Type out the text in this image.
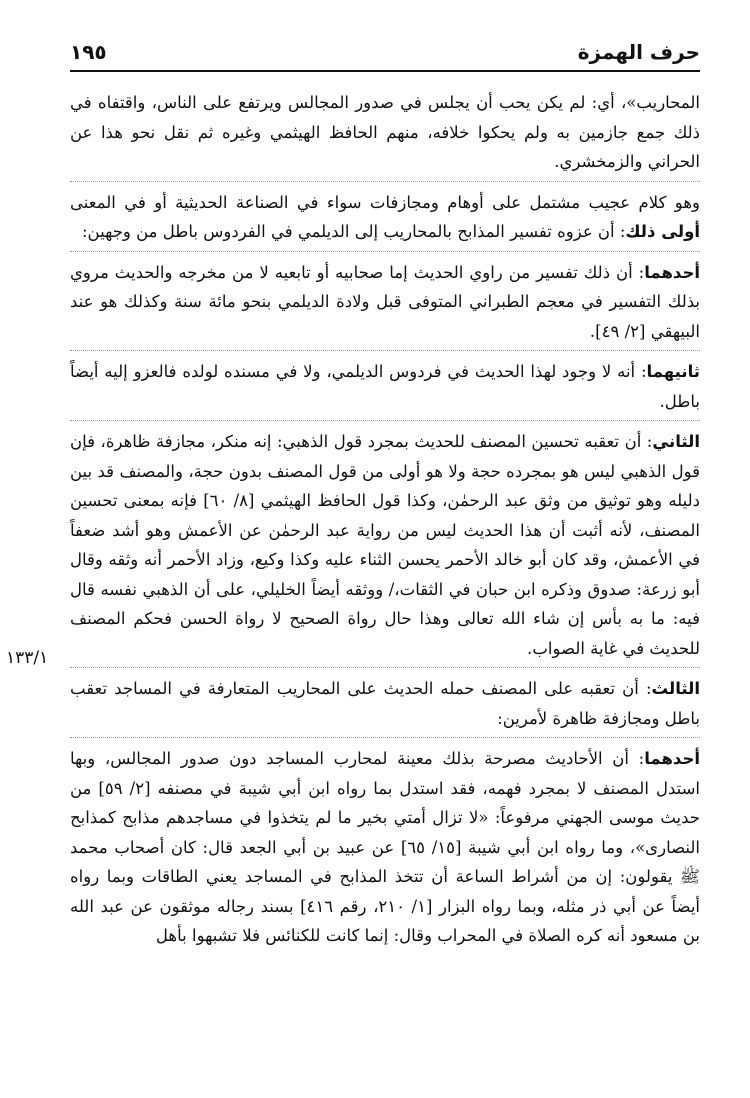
حرف الهمزة
١٩٥
١٣٣/١

المحاريب»، أي: لم يكن يحب أن يجلس في صدور المجالس ويرتفع على الناس، واقتفاه في ذلك جمع جازمين به ولم يحكوا خلافه، منهم الحافظ الهيثمي وغيره ثم نقل نحو هذا عن الحراني والزمخشري.

وهو كلام عجيب مشتمل على أوهام ومجازفات سواء في الصناعة الحديثية أو في المعنى أولى ذلك: أن عزوه تفسير المذابح بالمحاريب إلى الديلمي في الفردوس باطل من وجهين:

أحدهما: أن ذلك تفسير من راوي الحديث إما صحابيه أو تابعيه لا من مخرجه والحديث مروي بذلك التفسير في معجم الطبراني المتوفى قبل ولادة الديلمي بنحو مائة سنة وكذلك هو عند البيهقي [٢/ ٤٩].

ثانيهما: أنه لا وجود لهذا الحديث في فردوس الديلمي، ولا في مسنده لولده فالعزو إليه أيضاً باطل.

الثاني: أن تعقبه تحسين المصنف للحديث بمجرد قول الذهبي: إنه منكر، مجازفة ظاهرة، فإن قول الذهبي ليس هو بمجرده حجة ولا هو أولى من قول المصنف بدون حجة، والمصنف قد بين دليله وهو توثيق من وثق عبد الرحمٰن، وكذا قول الحافظ الهيثمي [٨/ ٦٠] فإنه بمعنى تحسين المصنف، لأنه أثبت أن هذا الحديث ليس من رواية عبد الرحمٰن عن الأعمش وهو أشد ضعفاً في الأعمش، وقد كان أبو خالد الأحمر يحسن الثناء عليه وكذا وكيع، وزاد الأحمر أنه وثقه وقال أبو زرعة: صدوق وذكره ابن حبان في الثقات،/ ووثقه أيضاً الخليلي، على أن الذهبي نفسه قال فيه: ما به بأس إن شاء الله تعالى وهذا حال رواة الصحيح لا رواة الحسن فحكم المصنف للحديث في غاية الصواب.

الثالث: أن تعقبه على المصنف حمله الحديث على المحاريب المتعارفة في المساجد تعقب باطل ومجازفة ظاهرة لأمرين:

أحدهما: أن الأحاديث مصرحة بذلك معينة لمحارب المساجد دون صدور المجالس، وبها استدل المصنف لا بمجرد فهمه، فقد استدل بما رواه ابن أبي شيبة في مصنفه [٢/ ٥٩] من حديث موسى الجهني مرفوعاً: «لا تزال أمتي بخير ما لم يتخذوا في مساجدهم مذابح كمذابح النصارى»، وما رواه ابن أبي شيبة [١٥/ ٦٥] عن عبيد بن أبي الجعد قال: كان أصحاب محمد ﷺ يقولون: إن من أشراط الساعة أن تتخذ المذابح في المساجد يعني الطاقات وبما رواه أيضاً عن أبي ذر مثله، وبما رواه البزار [١/ ٢١٠، رقم ٤١٦] بسند رجاله موثقون عن عبد الله بن مسعود أنه كره الصلاة في المحراب وقال: إنما كانت للكنائس فلا تشبهوا بأهل
